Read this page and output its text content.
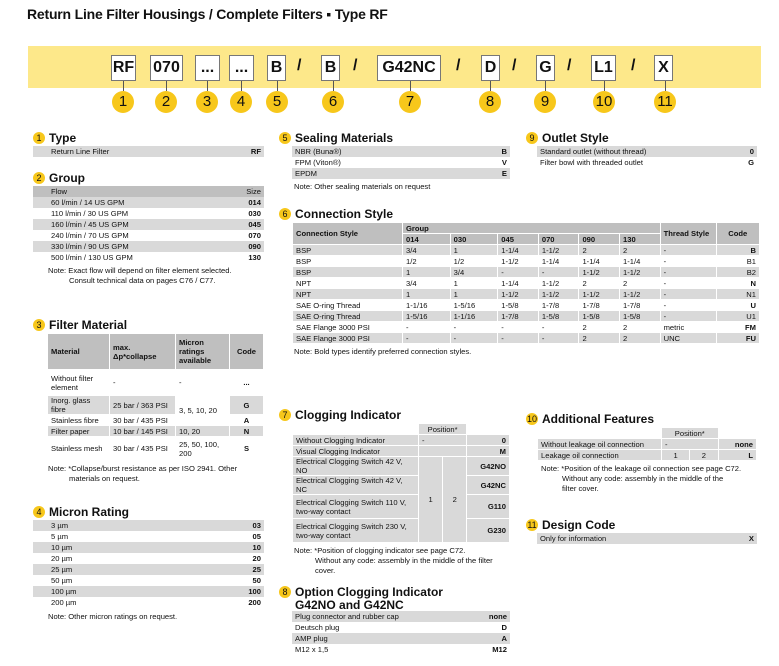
Return Line Filter Housings / Complete Filters ▪ Type RF
RF 070	...	...	B / B /	G42NC	/ D / G / L1 / X
1	2	3	4	5	6	7	8	9	10	11
1 Type
Return Line Filter	RF
2 Group
Flow	Size
60 l/min / 14 US GPM	014
110 l/min / 30 US GPM	030
160 l/min / 45 US GPM	045
240 l/min / 70 US GPM	070
330 l/min / 90 US GPM	090
500 l/min / 130 US GPM	130
Note: Exact flow will depend on filter element selected.
Consult technical data on pages C76 / C77.
3 Filter Material
Material	max. Δp*collapse	Micron ratings available	Code
Without filter element	-	-	...
Inorg. glass fibre	25 bar / 363 PSI	3, 5, 10, 20	G
Stainless fibre	30 bar / 435 PSI		A
Filter paper	10 bar / 145 PSI	10, 20	N
Stainless mesh	30 bar / 435 PSI	25, 50, 100, 200	S
Note: *Collapse/burst resistance as per ISO 2941. Other
materials on request.
4 Micron Rating
3 µm	03
5 µm	05
10 µm	10
20 µm	20
25 µm	25
50 µm	50
100 µm	100
200 µm	200
Note: Other micron ratings on request.
5 Sealing Materials
NBR (Buna®)	B
FPM (Viton®)	V
EPDM	E
Note: Other sealing materials on request
6 Connection Style
Connection Style	Group						Thread Style	Code
	014	030	045	070	090	130		
BSP	3/4	1	1-1/4	1-1/2	2	2	-	B
BSP	1/2	1/2	1-1/2	1-1/4	1-1/4	1-1/4	-	B1
BSP	1	3/4	-	-	1-1/2	1-1/2	-	B2
NPT	3/4	1	1-1/4	1-1/2	2	2	-	N
NPT	1	1	1-1/2	1-1/2	1-1/2	1-1/2	-	N1
SAE O-ring Thread	1-1/16	1-5/16	1-5/8	1-7/8	1-7/8	1-7/8	-	U
SAE O-ring Thread	1-5/16	1-1/16	1-7/8	1-5/8	1-5/8	1-5/8	-	U1
SAE Flange 3000 PSI	-	-	-	-	2	2	metric	FM
SAE Flange 3000 PSI	-	-	-	-	2	2	UNC	FU
Note: Bold types identify preferred connection styles.
7 Clogging Indicator
	Position*		
Without Clogging Indicator	-		0
Visual Clogging Indicator			M
Electrical Clogging Switch 42 V, NO	1	2	G42NO
Electrical Clogging Switch 42 V, NC			G42NC
Electrical Clogging Switch 110 V, two-way contact			G110
Electrical Clogging Switch 230 V, two-way contact			G230
Note: *Position of clogging indicator see page C72.
Without any code: assembly in the middle of the filter cover.
8 Option Clogging Indicator
G42NO and G42NC
Plug connector and rubber cap	none
Deutsch plug	D
AMP plug	A
M12 x 1,5	M12
9 Outlet Style
Standard outlet (without thread)	0
Filter bowl with threaded outlet	G
10 Additional Features
	Position*		
Without leakage oil connection	-		none
Leakage oil connection	1	2	L
Note: *Position of the leakage oil connection see page C72.
Without any code: assembly in the middle of the
filter cover.
11 Design Code
Only for information	X
